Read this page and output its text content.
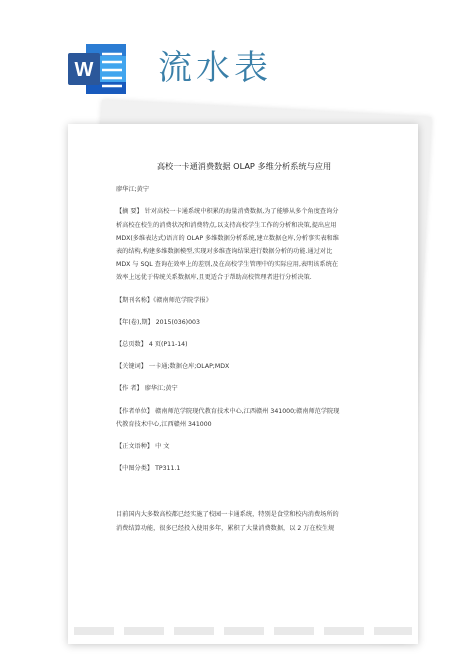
W 流水表
高校一卡通消费数据 OLAP 多维分析系统与应用
廖华江;黄宁
【摘 要】 针对高校一卡通系统中积累的海量消费数据,为了能够从多个角度查询分
析高校在校生的消费状况和消费特点,以支持高校学生工作的分析和决策,提出应用
MDX(多维表达式)语言的 OLAP 多维数据分析系统,建立数据仓库,分析事实表和维
表的结构,构建多维数据模型,实现对多维查询结果进行数据分析的功能.通过对比
MDX 与 SQL 查询在效率上的差别,及在高校学生管理中的实际应用,表明该系统在
效率上远优于传统关系数据库,且更适合于帮助高校管理者进行分析决策.
【期刊名称】《赣南师范学院学报》
【年(卷),期】 2015(036)003
【总页数】 4 页(P11-14)
【关键词】 一卡通;数据仓库;OLAP;MDX
【作 者】 廖华江;黄宁
【作者单位】 赣南师范学院现代教育技术中心,江西赣州 341000;赣南师范学院现
代教育技术中心,江西赣州 341000
【正文语种】 中 文
【中图分类】 TP311.1
目前国内大多数高校都已经实施了校园一卡通系统，特别是食堂和校内消费场所的
消费结算功能，很多已经投入使用多年，累积了大量消费数据，以 2 万在校生规
